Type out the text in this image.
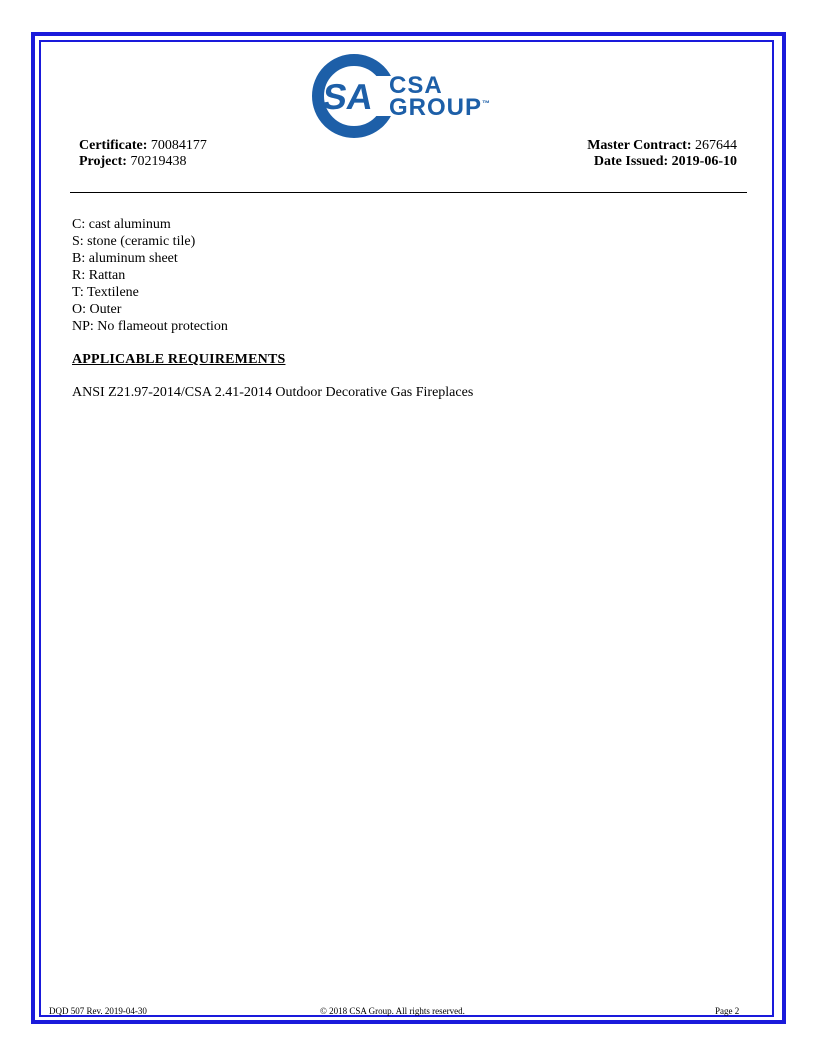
SA CSA
GROUP™
Certificate: 70084177
Project: 70219438
Master Contract: 267644
Date Issued: 2019-06-10
C: cast aluminum
S: stone (ceramic tile)
B: aluminum sheet
R: Rattan
T: Textilene
O: Outer
NP: No flameout protection
APPLICABLE REQUIREMENTS
ANSI Z21.97-2014/CSA 2.41-2014 Outdoor Decorative Gas Fireplaces
DQD 507 Rev. 2019-04-30	© 2018 CSA Group. All rights reserved.	Page 2
